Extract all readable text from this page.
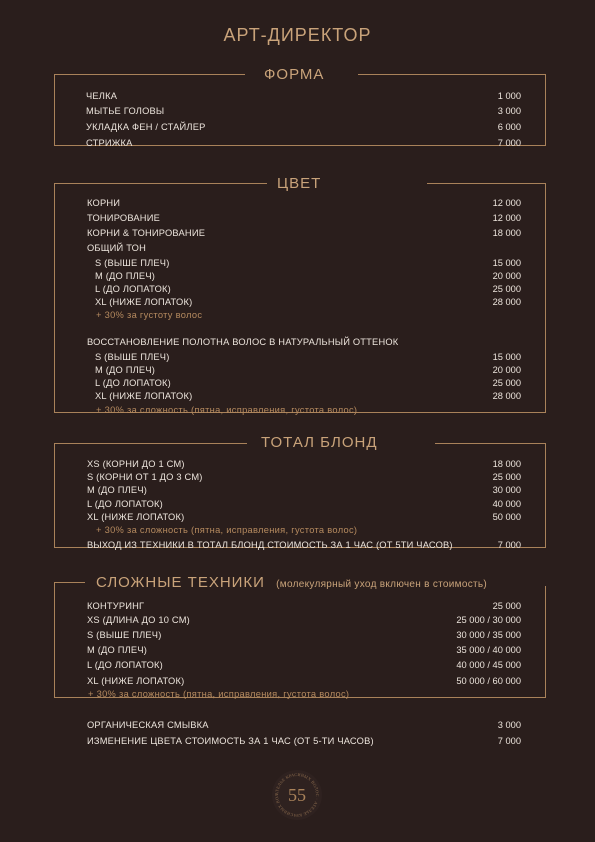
АРТ-ДИРЕКТОР
ФОРМА
ЧЕЛКА	1 000
МЫТЬЕ ГОЛОВЫ	3 000
УКЛАДКА ФЕН / СТАЙЛЕР	6 000
СТРИЖКА	7 000
ЦВЕТ
КОРНИ	12 000
ТОНИРОВАНИЕ	12 000
КОРНИ & ТОНИРОВАНИЕ	18 000
ОБЩИЙ ТОН
S (ВЫШЕ ПЛЕЧ)	15 000
M (ДО ПЛЕЧ)	20 000
L (ДО ЛОПАТОК)	25 000
XL (НИЖЕ ЛОПАТОК)	28 000
+ 30% за густоту волос
ВОССТАНОВЛЕНИЕ ПОЛОТНА ВОЛОС В НАТУРАЛЬНЫЙ ОТТЕНОК
S (ВЫШЕ ПЛЕЧ)	15 000
M (ДО ПЛЕЧ)	20 000
L (ДО ЛОПАТОК)	25 000
XL (НИЖЕ ЛОПАТОК)	28 000
+ 30% за сложность (пятна, исправления, густота волос)
ТОТАЛ БЛОНД
XS (КОРНИ ДО 1 СМ)	18 000
S (КОРНИ ОТ 1 ДО 3 СМ)	25 000
M (ДО ПЛЕЧ)	30 000
L (ДО ЛОПАТОК)	40 000
XL (НИЖЕ ЛОПАТОК)	50 000
+ 30% за сложность (пятна, исправления, густота волос)
ВЫХОД ИЗ ТЕХНИКИ В ТОТАЛ БЛОНД СТОИМОСТЬ ЗА 1 ЧАС (ОТ 5ТИ ЧАСОВ)	7 000
СЛОЖНЫЕ ТЕХНИКИ (молекулярный уход включен в стоимость)
КОНТУРИНГ	25 000
XS (ДЛИНА ДО 10 СМ)	25 000 / 30 000
S (ВЫШЕ ПЛЕЧ)	30 000 / 35 000
M (ДО ПЛЕЧ)	35 000 / 40 000
L (ДО ЛОПАТОК)	40 000 / 45 000
XL (НИЖЕ ЛОПАТОК)	50 000 / 60 000
+ 30% за сложность (пятна, исправления, густота волос)
ОРГАНИЧЕСКАЯ СМЫВКА	3 000
ИЗМЕНЕНИЕ ЦВЕТА СТОИМОСТЬ ЗА 1 ЧАС (ОТ 5-ТИ ЧАСОВ)	7 000
АТЕЛЬЕ КРАСИВЫХ ВОЛОС · АТЕЛЬЕ КРАСИВЫХ ВОЛ 55
